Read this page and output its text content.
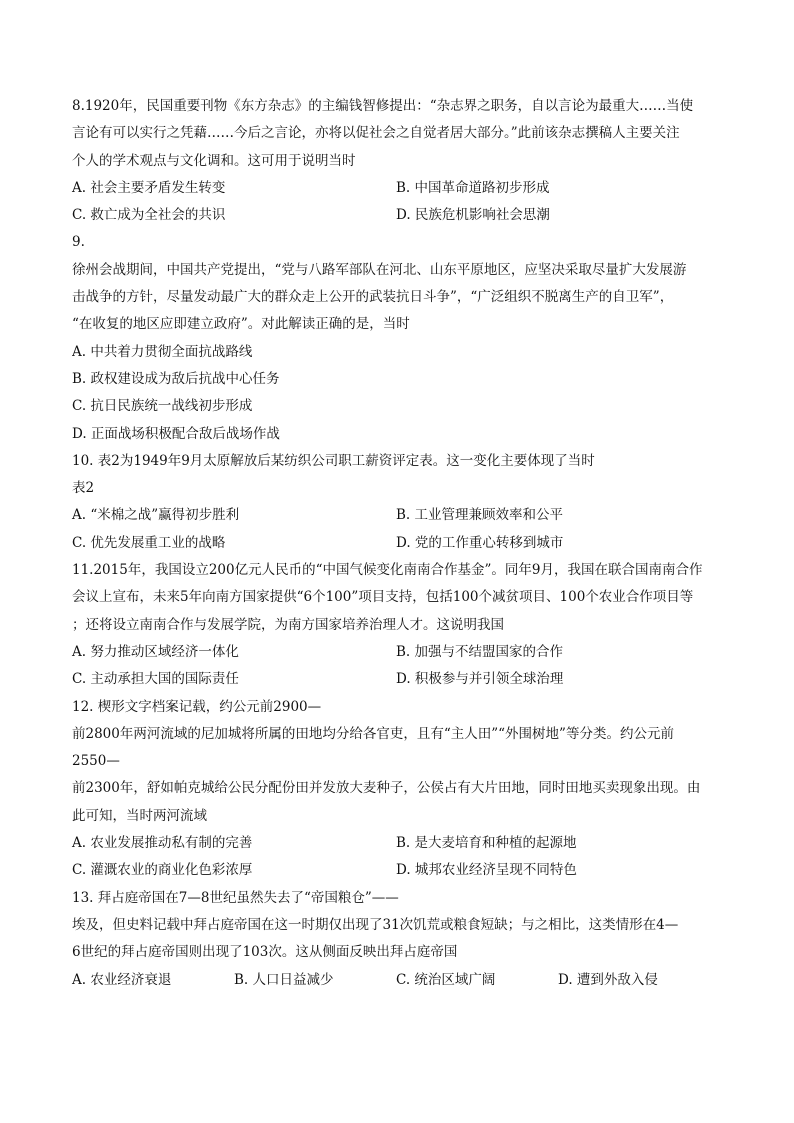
8.1920年，民国重要刊物《东方杂志》的主编钱智修提出：“杂志界之职务，自以言论为最重大……当使
言论有可以实行之凭藉……今后之言论，亦将以促社会之自觉者居大部分。”此前该杂志撰稿人主要关注
个人的学术观点与文化调和。这可用于说明当时
A. 社会主要矛盾发生转变	B. 中国革命道路初步形成
C. 救亡成为全社会的共识	D. 民族危机影响社会思潮
9.
徐州会战期间，中国共产党提出，“党与八路军部队在河北、山东平原地区，应坚决采取尽量扩大发展游
击战争的方针，尽量发动最广大的群众走上公开的武装抗日斗争”，“广泛组织不脱离生产的自卫军”，
“在收复的地区应即建立政府”。对此解读正确的是，当时
A. 中共着力贯彻全面抗战路线
B. 政权建设成为敌后抗战中心任务
C. 抗日民族统一战线初步形成
D. 正面战场积极配合敌后战场作战
10. 表2为1949年9月太原解放后某纺织公司职工薪资评定表。这一变化主要体现了当时
表2
A. “米棉之战”赢得初步胜利	B. 工业管理兼顾效率和公平
C. 优先发展重工业的战略	D. 党的工作重心转移到城市
11.2015年，我国设立200亿元人民币的“中国气候变化南南合作基金”。同年9月，我国在联合国南南合作
会议上宣布，未来5年向南方国家提供“6个100”项目支持，包括100个减贫项目、100个农业合作项目等
；还将设立南南合作与发展学院，为南方国家培养治理人才。这说明我国
A. 努力推动区域经济一体化	B. 加强与不结盟国家的合作
C. 主动承担大国的国际责任	D. 积极参与并引领全球治理
12. 楔形文字档案记载，约公元前2900—
前2800年两河流域的尼加城将所属的田地均分给各官吏，且有“主人田”“外围树地”等分类。约公元前
2550—
前2300年，舒如帕克城给公民分配份田并发放大麦种子，公侯占有大片田地，同时田地买卖现象出现。由
此可知，当时两河流域
A. 农业发展推动私有制的完善	B. 是大麦培育和种植的起源地
C. 灌溉农业的商业化色彩浓厚	D. 城邦农业经济呈现不同特色
13. 拜占庭帝国在7—8世纪虽然失去了“帝国粮仓”——
埃及，但史料记载中拜占庭帝国在这一时期仅出现了31次饥荒或粮食短缺；与之相比，这类情形在4—
6世纪的拜占庭帝国则出现了103次。这从侧面反映出拜占庭帝国
A. 农业经济衰退	B. 人口日益减少	C. 统治区域广阔	D. 遭到外敌入侵
